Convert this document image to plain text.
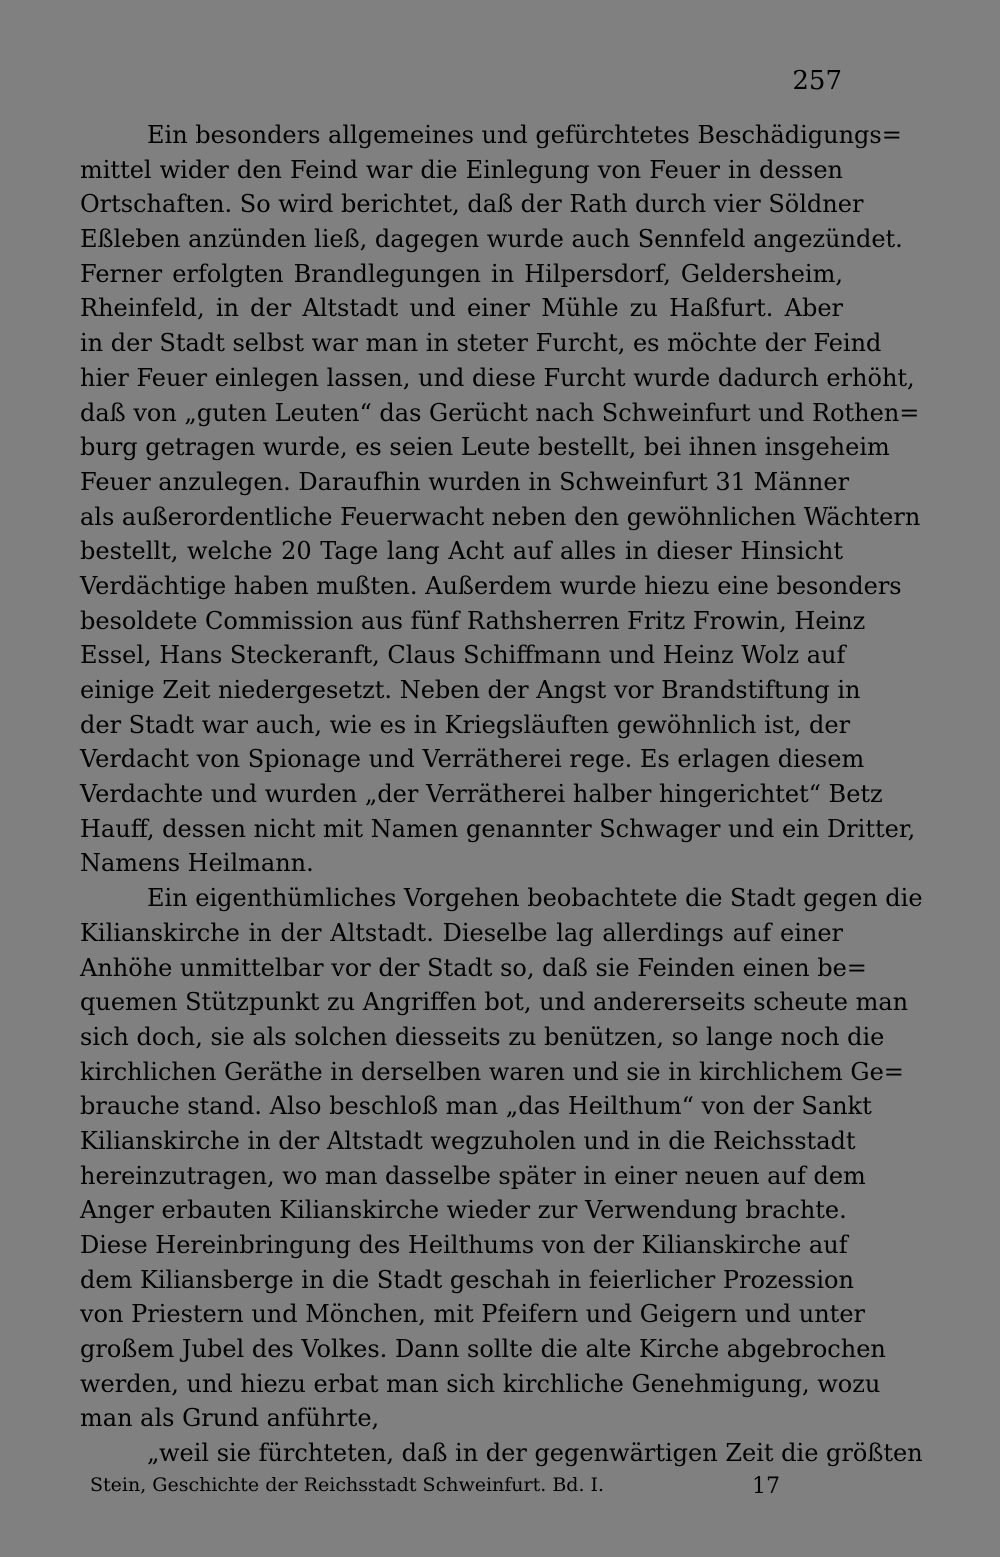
257
Ein besonders allgemeines und gefürchtetes Beschädigungs=
mittel wider den Feind war die Einlegung von Feuer in dessen
Ortschaften. So wird berichtet, daß der Rath durch vier Söldner
Eßleben anzünden ließ, dagegen wurde auch Sennfeld angezündet.
Ferner erfolgten Brandlegungen in Hilpersdorf, Geldersheim,
Rheinfeld, in der Altstadt und einer Mühle zu Haßfurt. Aber
in der Stadt selbst war man in steter Furcht, es möchte der Feind
hier Feuer einlegen lassen, und diese Furcht wurde dadurch erhöht,
daß von „guten Leuten“ das Gerücht nach Schweinfurt und Rothen=
burg getragen wurde, es seien Leute bestellt, bei ihnen insgeheim
Feuer anzulegen. Daraufhin wurden in Schweinfurt 31 Männer
als außerordentliche Feuerwacht neben den gewöhnlichen Wächtern
bestellt, welche 20 Tage lang Acht auf alles in dieser Hinsicht
Verdächtige haben mußten. Außerdem wurde hiezu eine besonders
besoldete Commission aus fünf Rathsherren Fritz Frowin, Heinz
Essel, Hans Steckeranft, Claus Schiffmann und Heinz Wolz auf
einige Zeit niedergesetzt. Neben der Angst vor Brandstiftung in
der Stadt war auch, wie es in Kriegsläuften gewöhnlich ist, der
Verdacht von Spionage und Verrätherei rege. Es erlagen diesem
Verdachte und wurden „der Verrätherei halber hingerichtet“ Betz
Hauff, dessen nicht mit Namen genannter Schwager und ein Dritter,
Namens Heilmann.
Ein eigenthümliches Vorgehen beobachtete die Stadt gegen die
Kilianskirche in der Altstadt. Dieselbe lag allerdings auf einer
Anhöhe unmittelbar vor der Stadt so, daß sie Feinden einen be=
quemen Stützpunkt zu Angriffen bot, und andererseits scheute man
sich doch, sie als solchen diesseits zu benützen, so lange noch die
kirchlichen Geräthe in derselben waren und sie in kirchlichem Ge=
brauche stand. Also beschloß man „das Heilthum“ von der Sankt
Kilianskirche in der Altstadt wegzuholen und in die Reichsstadt
hereinzutragen, wo man dasselbe später in einer neuen auf dem
Anger erbauten Kilianskirche wieder zur Verwendung brachte.
Diese Hereinbringung des Heilthums von der Kilianskirche auf
dem Kiliansberge in die Stadt geschah in feierlicher Prozession
von Priestern und Mönchen, mit Pfeifern und Geigern und unter
großem Jubel des Volkes. Dann sollte die alte Kirche abgebrochen
werden, und hiezu erbat man sich kirchliche Genehmigung, wozu
man als Grund anführte,
„weil sie fürchteten, daß in der gegenwärtigen Zeit die größten
Stein, Geschichte der Reichsstadt Schweinfurt. Bd. I.	17
